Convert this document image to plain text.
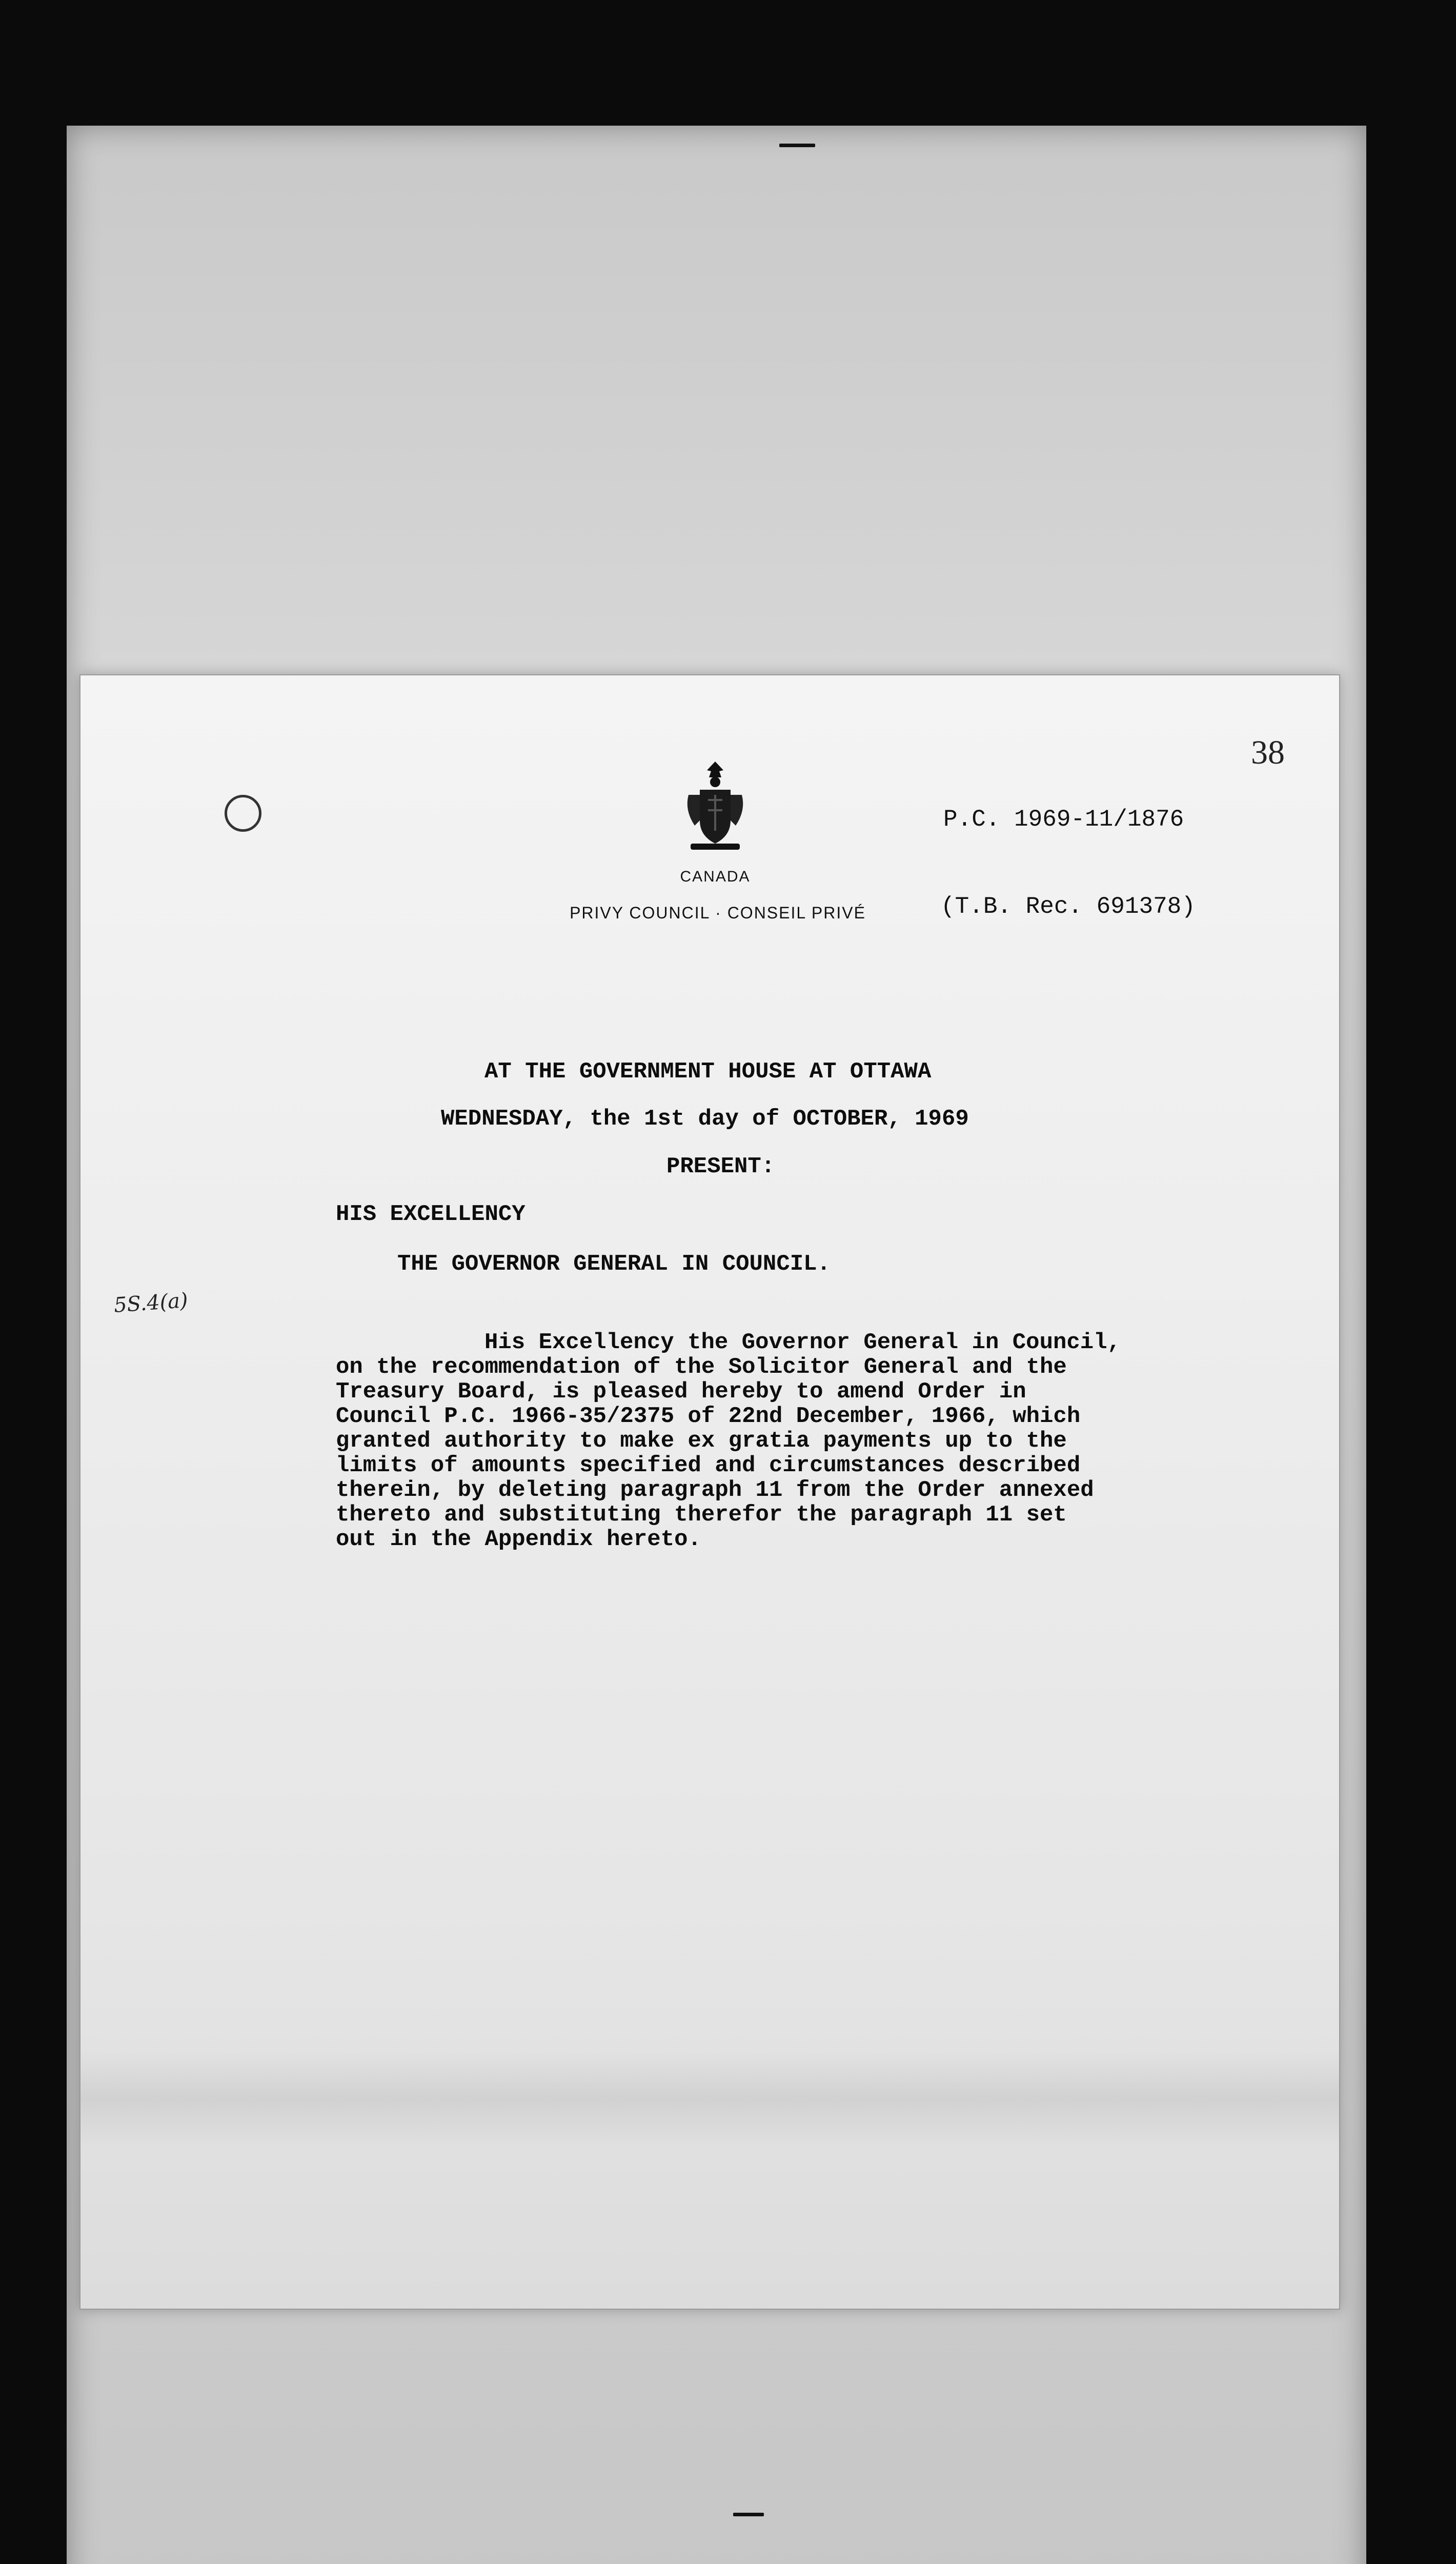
38
CANADA
PRIVY COUNCIL · CONSEIL PRIVÉ
P.C. 1969-11/1876
(T.B. Rec. 691378)
AT THE GOVERNMENT HOUSE AT OTTAWA
WEDNESDAY, the 1st day of OCTOBER, 1969
PRESENT:
HIS EXCELLENCY
THE GOVERNOR GENERAL IN COUNCIL.
5S.4(a)
His Excellency the Governor General in Council,
on the recommendation of the Solicitor General and the
Treasury Board, is pleased hereby to amend Order in
Council P.C. 1966-35/2375 of 22nd December, 1966, which
granted authority to make ex gratia payments up to the
limits of amounts specified and circumstances described
therein, by deleting paragraph 11 from the Order annexed
thereto and substituting therefor the paragraph 11 set
out in the Appendix hereto.
